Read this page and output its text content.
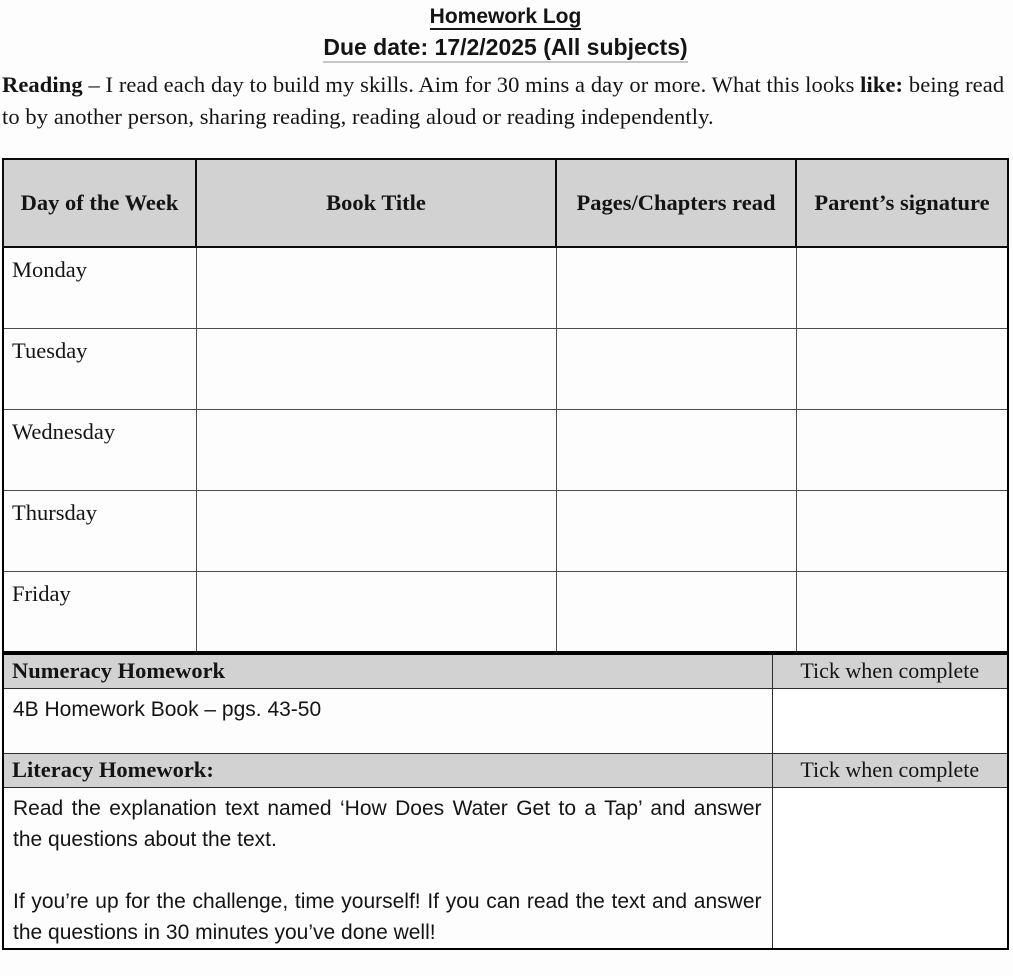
Homework Log
Due date: 17/2/2025 (All subjects)

Reading – I read each day to build my skills. Aim for 30 mins a day or more. What this looks like: being read to by another person, sharing reading, reading aloud or reading independently.

Day of the Week	Book Title	Pages/Chapters read	Parent’s signature
Monday			
Tuesday			
Wednesday			
Thursday			
Friday			
Numeracy Homework	Tick when complete
4B Homework Book – pgs. 43-50	
Literacy Homework:	Tick when complete

Read the explanation text named ‘How Does Water Get to a Tap’ and answer the questions about the text.

If you’re up for the challenge, time yourself! If you can read the text and answer the questions in 30 minutes you’ve done well!	
